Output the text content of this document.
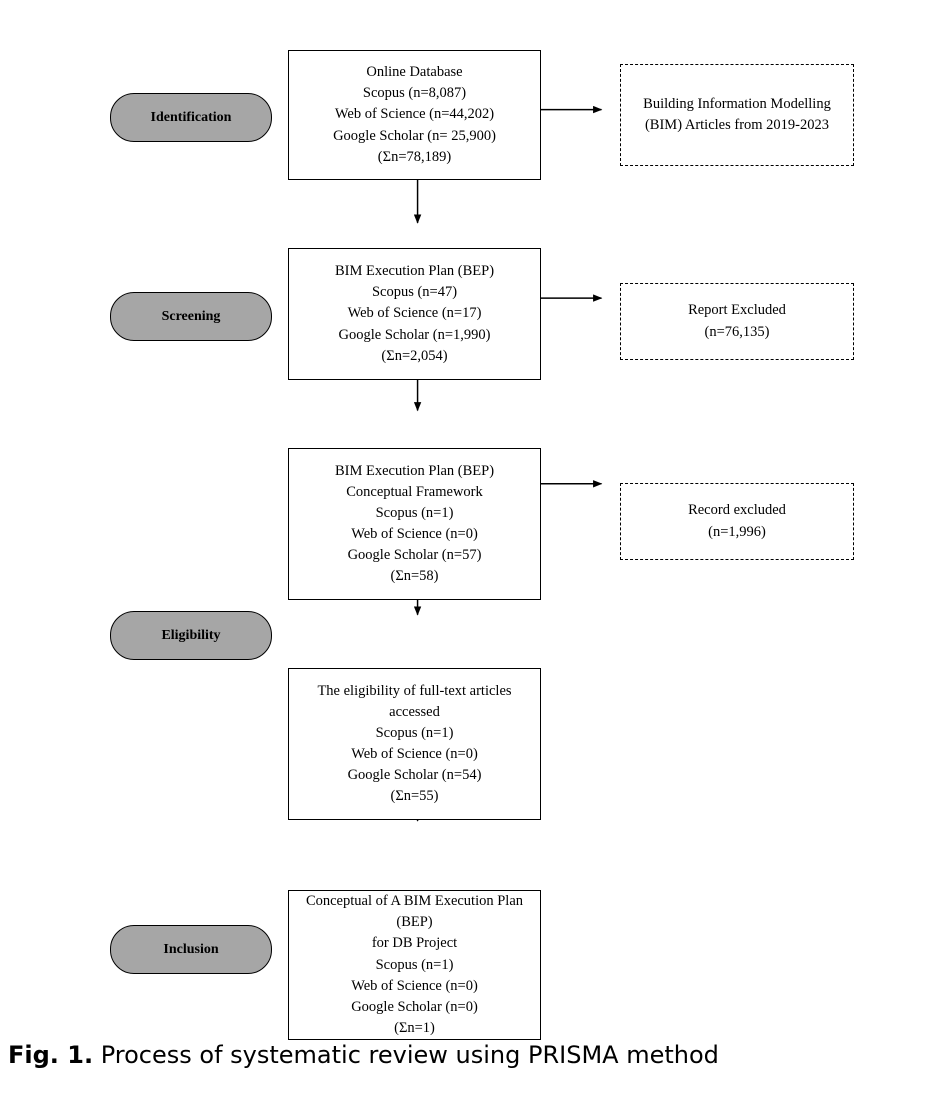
Identification
Screening
Eligibility
Inclusion
Online Database
Scopus (n=8,087)
Web of Science (n=44,202)
Google Scholar (n= 25,900)
(Σn=78,189)
Building Information Modelling
(BIM) Articles from 2019-2023
BIM Execution Plan (BEP)
Scopus (n=47)
Web of Science (n=17)
Google Scholar (n=1,990)
(Σn=2,054)
Report Excluded
(n=76,135)
BIM Execution Plan (BEP)
Conceptual Framework
Scopus (n=1)
Web of Science (n=0)
Google Scholar (n=57)
(Σn=58)
Record excluded
(n=1,996)
The eligibility of full-text articles
accessed
Scopus (n=1)
Web of Science (n=0)
Google Scholar (n=54)
(Σn=55)
Conceptual of A BIM Execution Plan
(BEP)
for DB Project
Scopus (n=1)
Web of Science (n=0)
Google Scholar (n=0)
(Σn=1)
Fig. 1. Process of systematic review using PRISMA method
